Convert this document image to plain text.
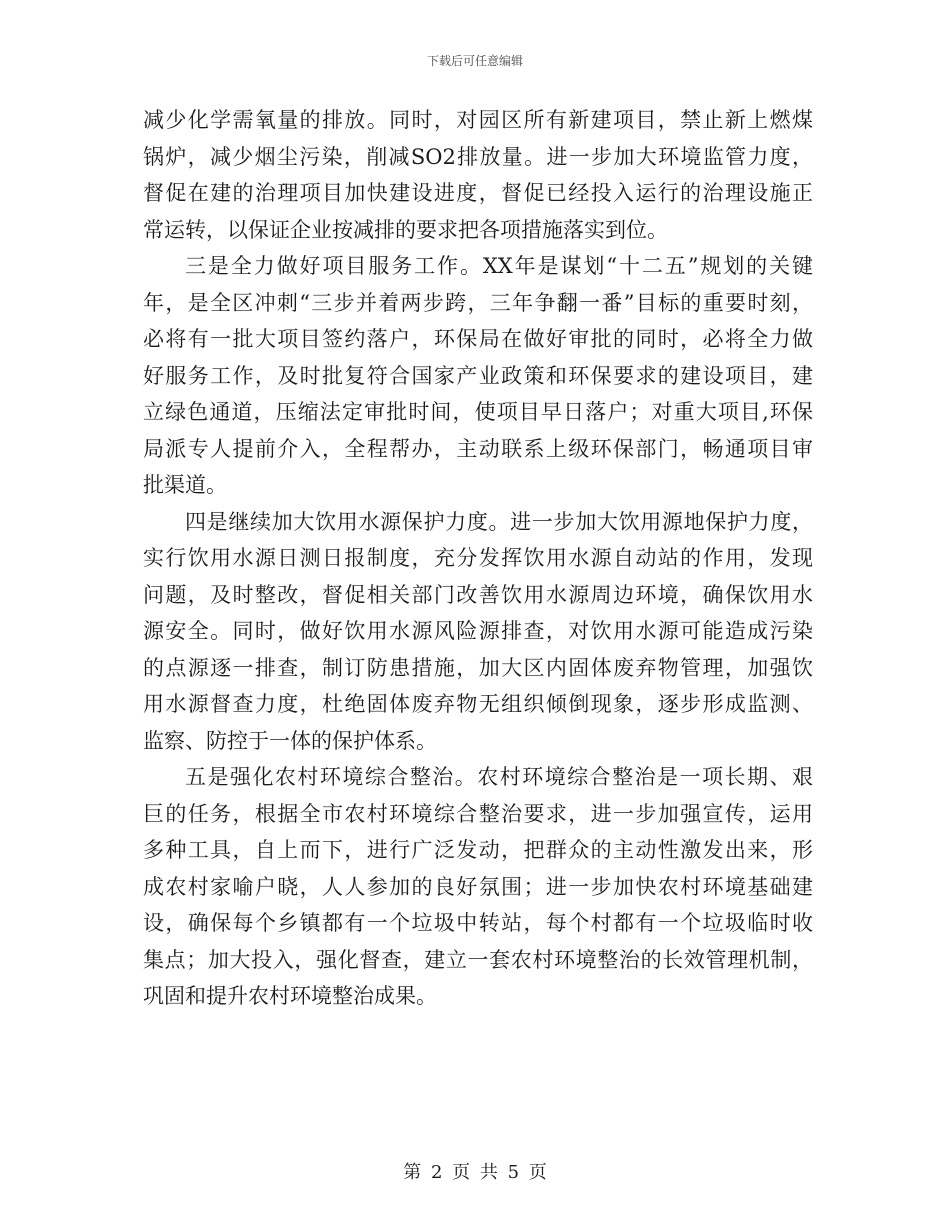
下载后可任意编辑
减少化学需氧量的排放。同时，对园区所有新建项目，禁止新上燃煤
锅炉，减少烟尘污染，削减SO2排放量。进一步加大环境监管力度，
督促在建的治理项目加快建设进度，督促已经投入运行的治理设施正
常运转，以保证企业按减排的要求把各项措施落实到位。
三是全力做好项目服务工作。XX年是谋划“十二五”规划的关键
年，是全区冲刺“三步并着两步跨，三年争翻一番”目标的重要时刻，
必将有一批大项目签约落户，环保局在做好审批的同时，必将全力做
好服务工作，及时批复符合国家产业政策和环保要求的建设项目，建
立绿色通道，压缩法定审批时间，使项目早日落户；对重大项目,环保
局派专人提前介入，全程帮办，主动联系上级环保部门，畅通项目审
批渠道。
四是继续加大饮用水源保护力度。进一步加大饮用源地保护力度，
实行饮用水源日测日报制度，充分发挥饮用水源自动站的作用，发现
问题，及时整改，督促相关部门改善饮用水源周边环境，确保饮用水
源安全。同时，做好饮用水源风险源排查，对饮用水源可能造成污染
的点源逐一排查，制订防患措施，加大区内固体废弃物管理，加强饮
用水源督查力度，杜绝固体废弃物无组织倾倒现象，逐步形成监测、
监察、防控于一体的保护体系。
五是强化农村环境综合整治。农村环境综合整治是一项长期、艰
巨的任务，根据全市农村环境综合整治要求，进一步加强宣传，运用
多种工具，自上而下，进行广泛发动，把群众的主动性激发出来，形
成农村家喻户晓，人人参加的良好氛围；进一步加快农村环境基础建
设，确保每个乡镇都有一个垃圾中转站，每个村都有一个垃圾临时收
集点；加大投入，强化督查，建立一套农村环境整治的长效管理机制，
巩固和提升农村环境整治成果。
第 2 页 共 5 页
